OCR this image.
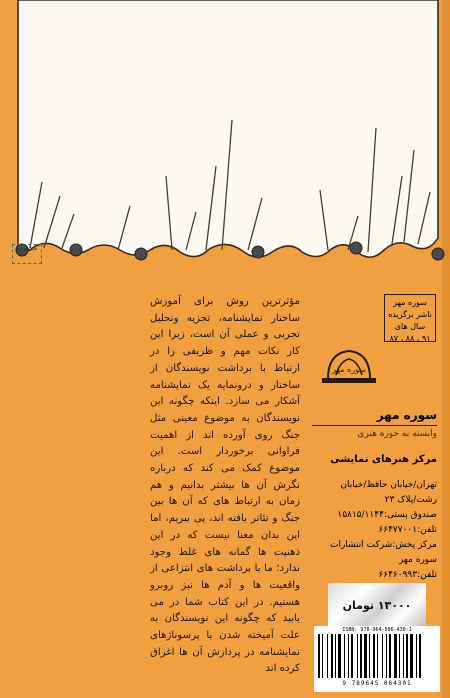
مجموعه
مؤثرترین روش برای آموزش ساختار نمایشنامه، تجزیه وتحلیل تجربی و عملی آن است، زیرا این کار نکات مهم و ظریفی را در ارتباط با برداشت نویسندگان از ساختار و درونمایه یک نمایشنامه آشکار می سازد. اینکه چگونه این نویسندگان به موضوع معینی مثل جنگ روی آورده اند از اهمیت فراوانی برخوردار است. این موضوع کمک می کند که درباره نگرش آن ها بیشتر بدانیم و هم زمان به ارتباط های که آن ها بین جنگ و تئاتر یافته اند، پی ببریم، اما این بدان معنا نیست که در این ذهنیت ها گمانه های غلط وجود ندارد؛ ما با برداشت های انتزاعی از واقعیت ها و آدم ها نیز روبرو هستیم. در این کتاب شما در می یابید که چگونه این نویسندگان به علت آمیخته شدن با پرسوناژهای نمایشنامه در پردازش آن ها اغراق کرده اند
سوره مهر
ناشر برگزیده سال های
۹۱ ، ۸۸ ، ۸۷
سوره مهر
سوره مهر
وابسته به حوزه هنری
مرکز هنرهای نمایشی
تهران/خیابان حافظ/خیابان
رشت/پلاک ۲۳
صندوق پستی:۱۵۸۱۵/۱۱۴۴
تلفن:۶۶۴۷۷۰۰۱
مرکز پخش:شرکت انتشارات
سوره مهر
تلفن:۶۶۴۶۰۹۹۳
۱۳۰۰۰ تومان
ISBN: 978-964-506-430-1
9 789645 064301
